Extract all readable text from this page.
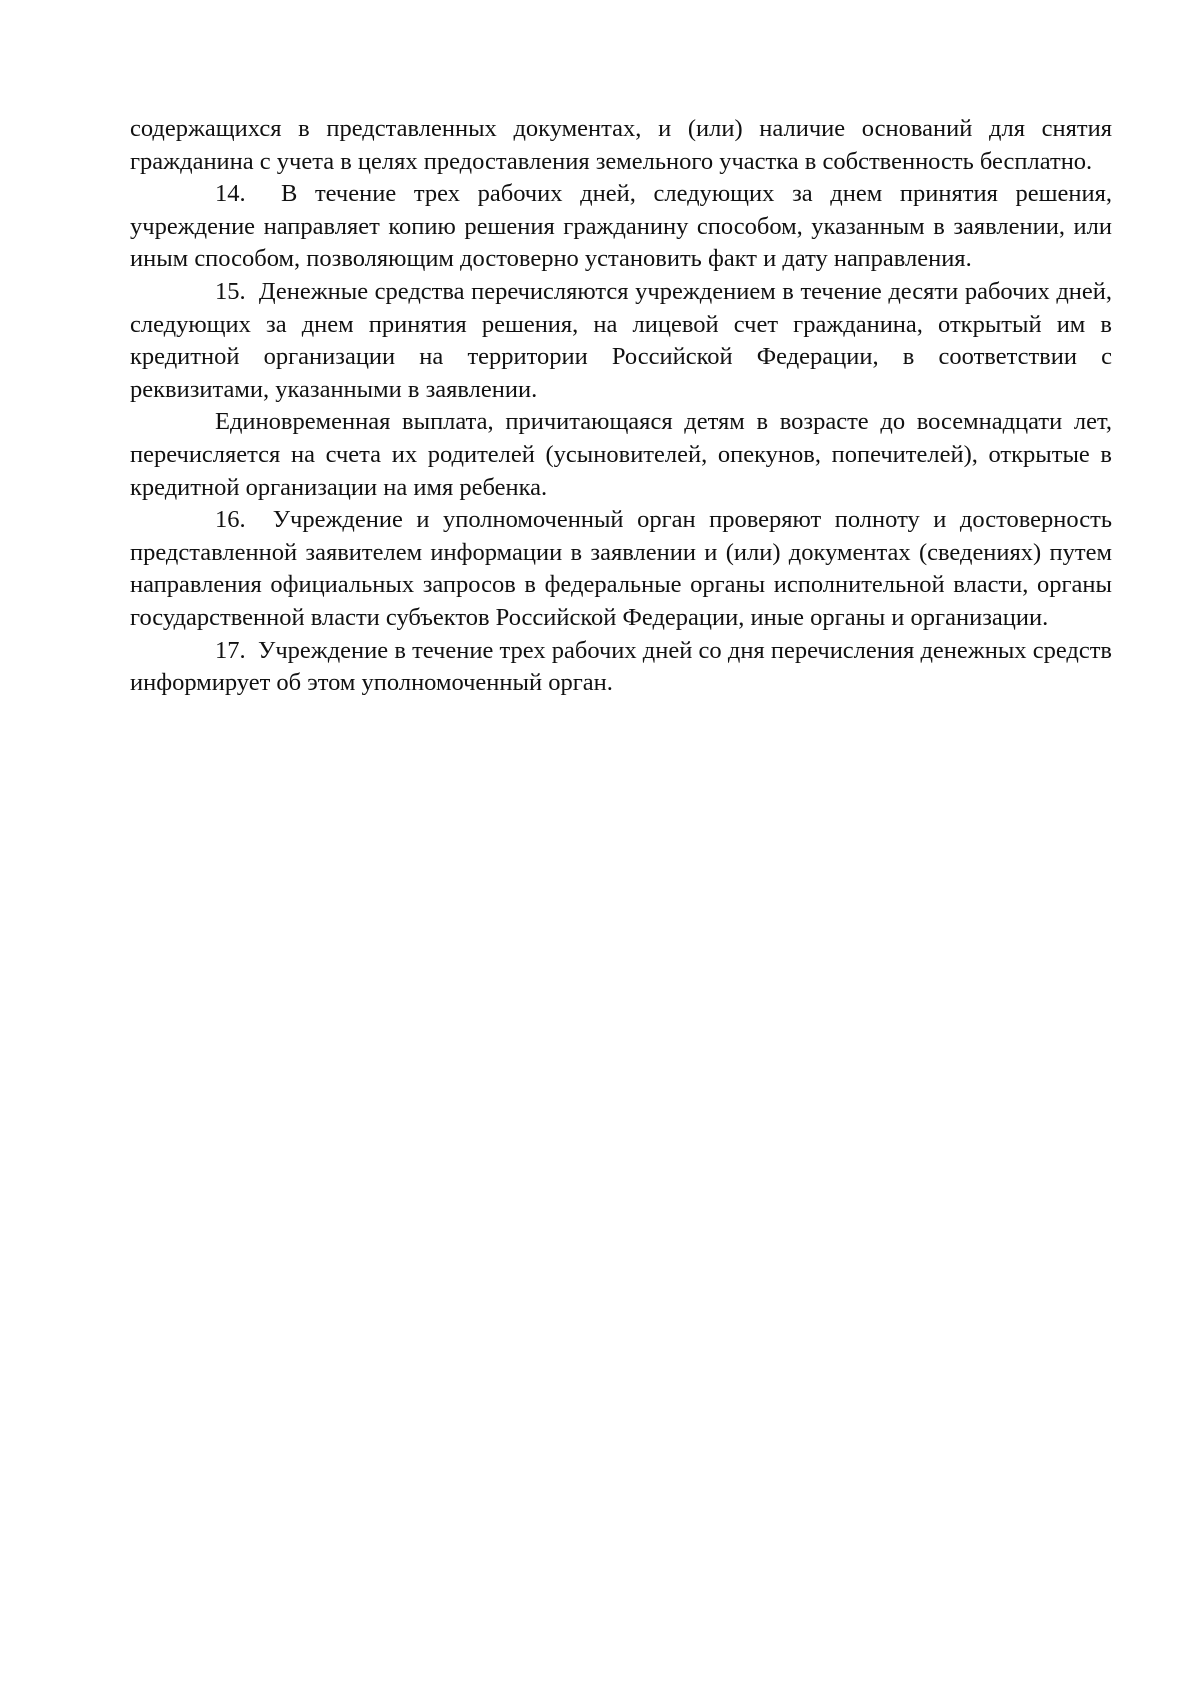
содержащихся в представленных документах, и (или) наличие оснований для снятия гражданина с учета в целях предоставления земельного участка в собственность бесплатно.

14. В течение трех рабочих дней, следующих за днем принятия решения, учреждение направляет копию решения гражданину способом, указанным в заявлении, или иным способом, позволяющим достоверно установить факт и дату направления.

15. Денежные средства перечисляются учреждением в течение десяти рабочих дней, следующих за днем принятия решения, на лицевой счет гражданина, открытый им в кредитной организации на территории Российской Федерации, в соответствии с реквизитами, указанными в заявлении.

Единовременная выплата, причитающаяся детям в возрасте до восемнадцати лет, перечисляется на счета их родителей (усыновителей, опекунов, попечителей), открытые в кредитной организации на имя ребенка.

16. Учреждение и уполномоченный орган проверяют полноту и достоверность представленной заявителем информации в заявлении и (или) документах (сведениях) путем направления официальных запросов в федеральные органы исполнительной власти, органы государственной власти субъектов Российской Федерации, иные органы и организации.

17. Учреждение в течение трех рабочих дней со дня перечисления денежных средств информирует об этом уполномоченный орган.
